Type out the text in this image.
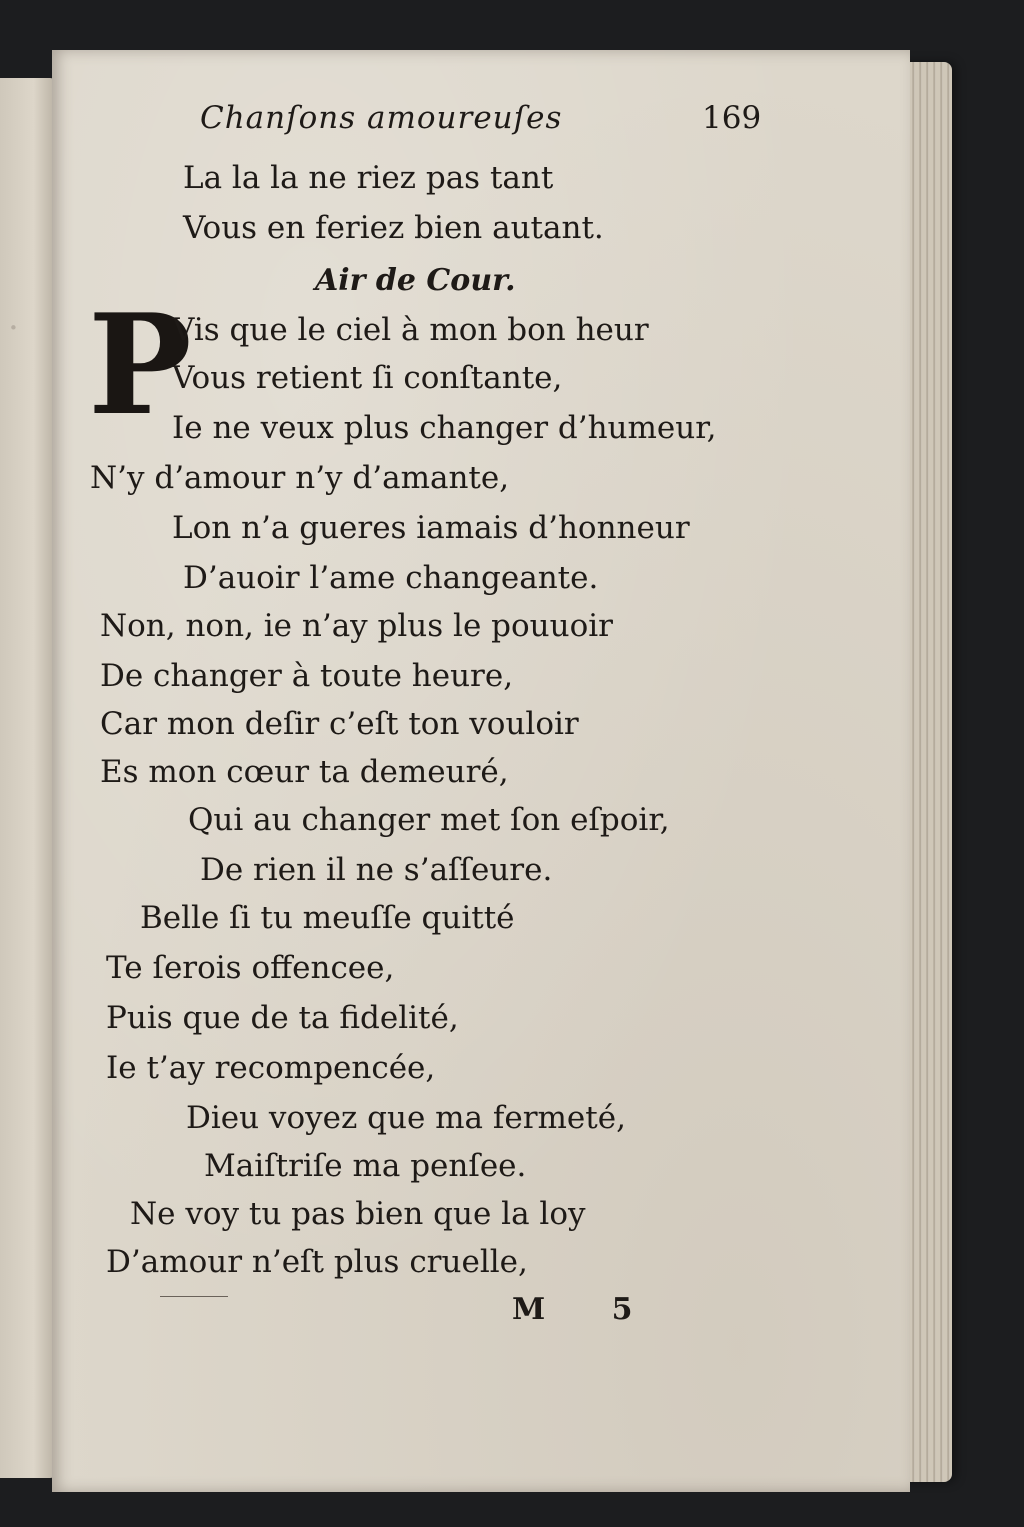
.

Chanſons amoureuſes	169

La la la ne riez pas tant

Vous en feriez bien autant.

Air de Cour.

P

Vis que le ciel à mon bon heur

Vous retient ſi conſtante,

Ie ne veux plus changer d’humeur,

N’y d’amour n’y d’amante,

Lon n’a gueres iamais d’honneur

D’auoir l’ame changeante.

Non, non, ie n’ay plus le pouuoir

De changer à toute heure,

Car mon deſir c’eſt ton vouloir

Es mon cœur ta demeuré,

Qui au changer met ſon eſpoir,

De rien il ne s’aſſeure.

Belle ſi tu meuſſe quitté

Te ſerois offencee,

Puis que de ta fidelité,

Ie t’ay recompencée,

Dieu voyez que ma fermeté,

Maiſtriſe ma penſee.

Ne voy tu pas bien que la loy

D’amour n’eſt plus cruelle,

M 5
